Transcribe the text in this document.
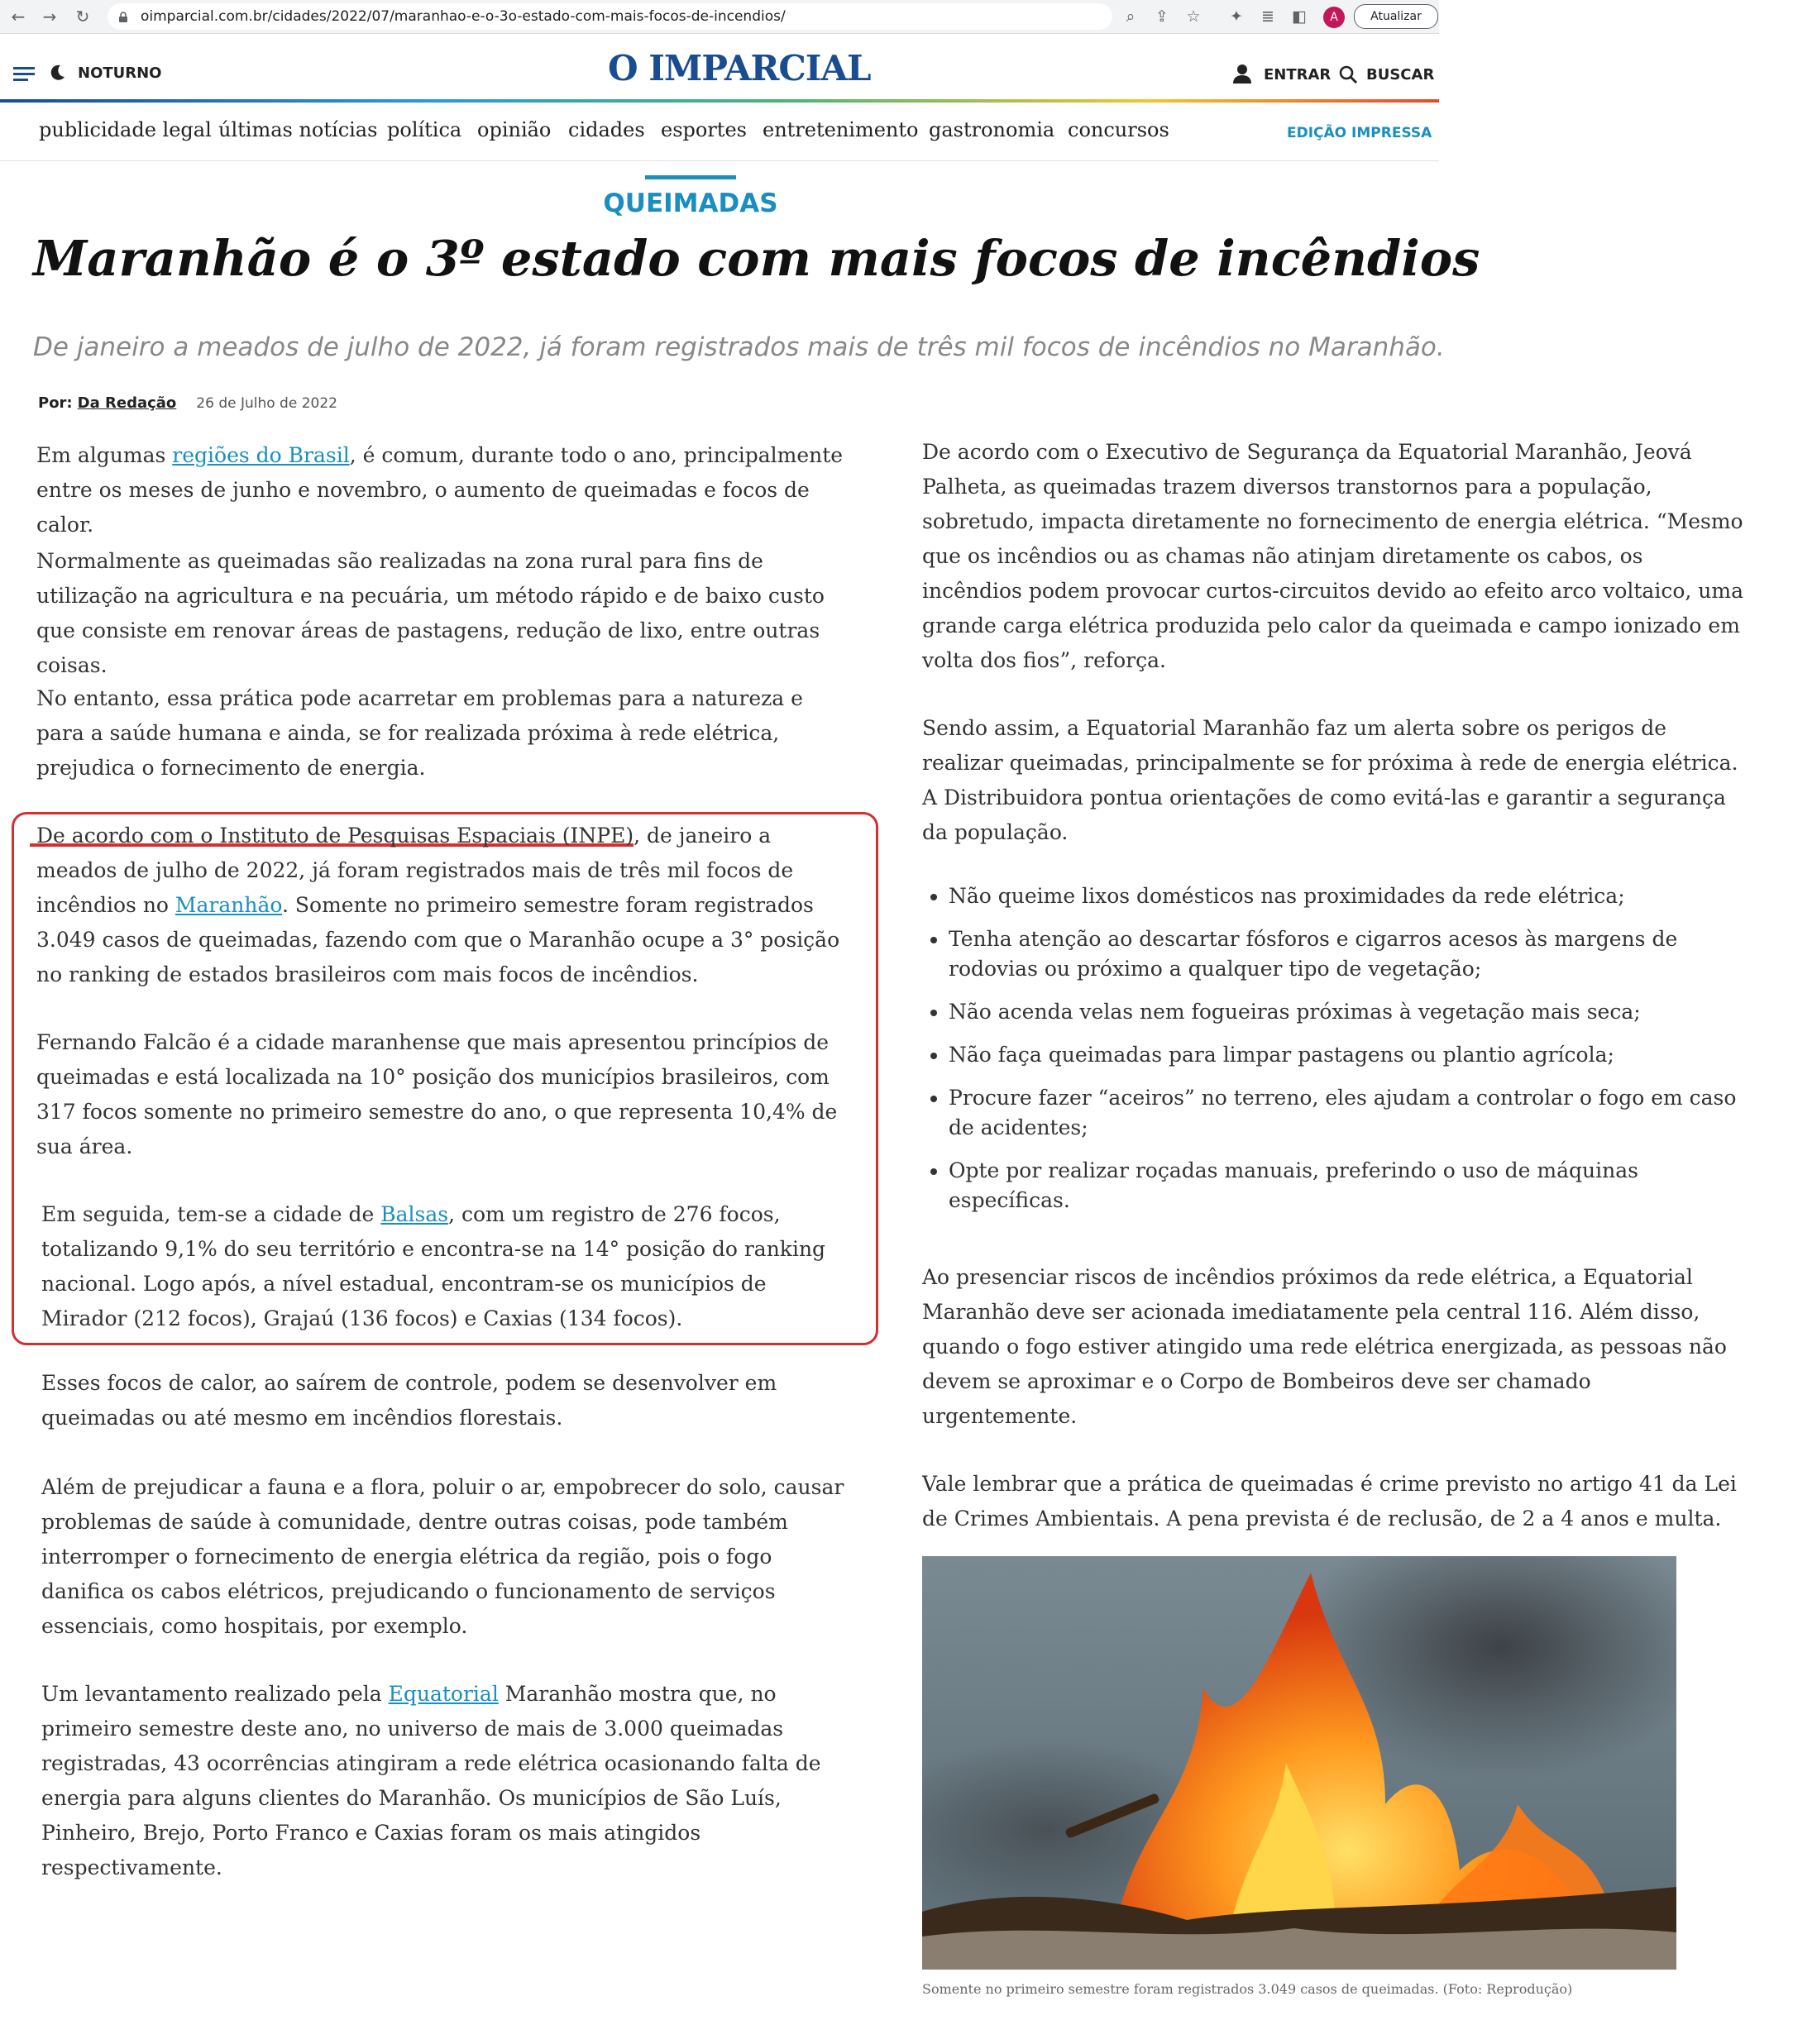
← → ↻	oimparcial.com.br/cidades/2022/07/maranhao-e-o-3o-estado-com-mais-focos-de-incendios/	⌕	⇪	☆	✦	≣	◧	A	Atualizar
NOTURNO	O IMPARCIAL	ENTRAR BUSCAR
publicidade legal últimas notícias política opinião cidades esportes entretenimento gastronomia concursos	EDIÇÃO IMPRESSA
QUEIMADAS
Maranhão é o 3º estado com mais focos de incêndios
De janeiro a meados de julho de 2022, já foram registrados mais de três mil focos de incêndios no Maranhão.
Por: Da Redação 26 de Julho de 2022
Em algumas regiões do Brasil, é comum, durante todo o ano, principalmente entre os meses de junho e novembro, o aumento de queimadas e focos de calor.
Normalmente as queimadas são realizadas na zona rural para fins de utilização na agricultura e na pecuária, um método rápido e de baixo custo que consiste em renovar áreas de pastagens, redução de lixo, entre outras coisas.
No entanto, essa prática pode acarretar em problemas para a natureza e para a saúde humana e ainda, se for realizada próxima à rede elétrica, prejudica o fornecimento de energia.
De acordo com o Instituto de Pesquisas Espaciais (INPE), de janeiro a meados de julho de 2022, já foram registrados mais de três mil focos de incêndios no Maranhão. Somente no primeiro semestre foram registrados 3.049 casos de queimadas, fazendo com que o Maranhão ocupe a 3° posição no ranking de estados brasileiros com mais focos de incêndios.
Fernando Falcão é a cidade maranhense que mais apresentou princípios de queimadas e está localizada na 10° posição dos municípios brasileiros, com 317 focos somente no primeiro semestre do ano, o que representa 10,4% de sua área.
Em seguida, tem-se a cidade de Balsas, com um registro de 276 focos, totalizando 9,1% do seu território e encontra-se na 14° posição do ranking nacional. Logo após, a nível estadual, encontram-se os municípios de Mirador (212 focos), Grajaú (136 focos) e Caxias (134 focos).
Esses focos de calor, ao saírem de controle, podem se desenvolver em queimadas ou até mesmo em incêndios florestais.
Além de prejudicar a fauna e a flora, poluir o ar, empobrecer do solo, causar problemas de saúde à comunidade, dentre outras coisas, pode também interromper o fornecimento de energia elétrica da região, pois o fogo danifica os cabos elétricos, prejudicando o funcionamento de serviços essenciais, como hospitais, por exemplo.
Um levantamento realizado pela Equatorial Maranhão mostra que, no primeiro semestre deste ano, no universo de mais de 3.000 queimadas registradas, 43 ocorrências atingiram a rede elétrica ocasionando falta de energia para alguns clientes do Maranhão. Os municípios de São Luís, Pinheiro, Brejo, Porto Franco e Caxias foram os mais atingidos respectivamente.
De acordo com o Executivo de Segurança da Equatorial Maranhão, Jeová Palheta, as queimadas trazem diversos transtornos para a população, sobretudo, impacta diretamente no fornecimento de energia elétrica. “Mesmo que os incêndios ou as chamas não atinjam diretamente os cabos, os incêndios podem provocar curtos-circuitos devido ao efeito arco voltaico, uma grande carga elétrica produzida pelo calor da queimada e campo ionizado em volta dos fios”, reforça.
Sendo assim, a Equatorial Maranhão faz um alerta sobre os perigos de realizar queimadas, principalmente se for próxima à rede de energia elétrica. A Distribuidora pontua orientações de como evitá-las e garantir a segurança da população.
• Não queime lixos domésticos nas proximidades da rede elétrica;
• Tenha atenção ao descartar fósforos e cigarros acesos às margens de rodovias ou próximo a qualquer tipo de vegetação;
• Não acenda velas nem fogueiras próximas à vegetação mais seca;
• Não faça queimadas para limpar pastagens ou plantio agrícola;
• Procure fazer “aceiros” no terreno, eles ajudam a controlar o fogo em caso de acidentes;
• Opte por realizar roçadas manuais, preferindo o uso de máquinas específicas.
Ao presenciar riscos de incêndios próximos da rede elétrica, a Equatorial Maranhão deve ser acionada imediatamente pela central 116. Além disso, quando o fogo estiver atingido uma rede elétrica energizada, as pessoas não devem se aproximar e o Corpo de Bombeiros deve ser chamado urgentemente.
Vale lembrar que a prática de queimadas é crime previsto no artigo 41 da Lei de Crimes Ambientais. A pena prevista é de reclusão, de 2 a 4 anos e multa.
Somente no primeiro semestre foram registrados 3.049 casos de queimadas. (Foto: Reprodução)
